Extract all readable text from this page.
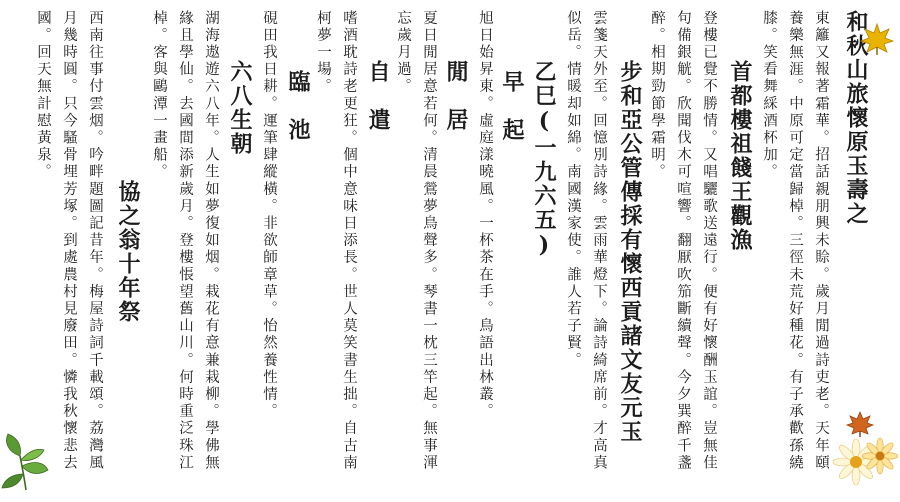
和秋山旅懷原玉壽之
東籬又報著霜華。招話親朋興未賒。歲月閒過詩吏老。天年頤
養樂無涯。中原可定當歸棹。三徑未荒好種花。有子承歡孫繞
膝。笑看舞綵酒杯加。
首都樓祖餞王觀漁
登樓已覺不勝情。又唱驪歌送遠行。便有好懷酬玉誼。豈無佳
句備銀觥。欣聞伐木可喧響。翻厭吹笳斷續聲。今夕巽醉千盞
醉。相期勁節學霜明。
步和亞公管傳採有懷西貢諸文友元玉
雲箋天外至。回憶別詩緣。雲雨華燈下。論詩綺席前。才高真
似岳。情暖却如綿。南國漢家使。誰人若子賢。
乙巳(一九六五)
早　起
旭日始昇東。虛庭漾曉風。一杯茶在手。鳥語出林叢。
閒　居
夏日閒居意若何。清晨鶯夢鳥聲多。琴書一枕三竿起。無事渾
忘歲月過。
自　遣
嗜酒耽詩老更狂。個中意味日添長。世人莫笑書生拙。自古南
柯夢一場。
臨　池
硯田我日耕。運筆肆縱橫。非欲師章草。怡然養性情。
六八生朝
湖海遨遊六八年。人生如夢復如烟。栽花有意兼栽柳。學佛無
緣且學仙。去國間添新歲月。登樓悵望舊山川。何時重泛珠江
棹。客與鷗潭一畫船。
協之翁十年祭
西南往事付雲烟。吟畔題圖記昔年。梅屋詩詞千載頌。荔灣風
月幾時圓。只今騷骨埋芳塚。到處農村見廢田。憐我秋懷悲去
國。回天無計慰黃泉。
